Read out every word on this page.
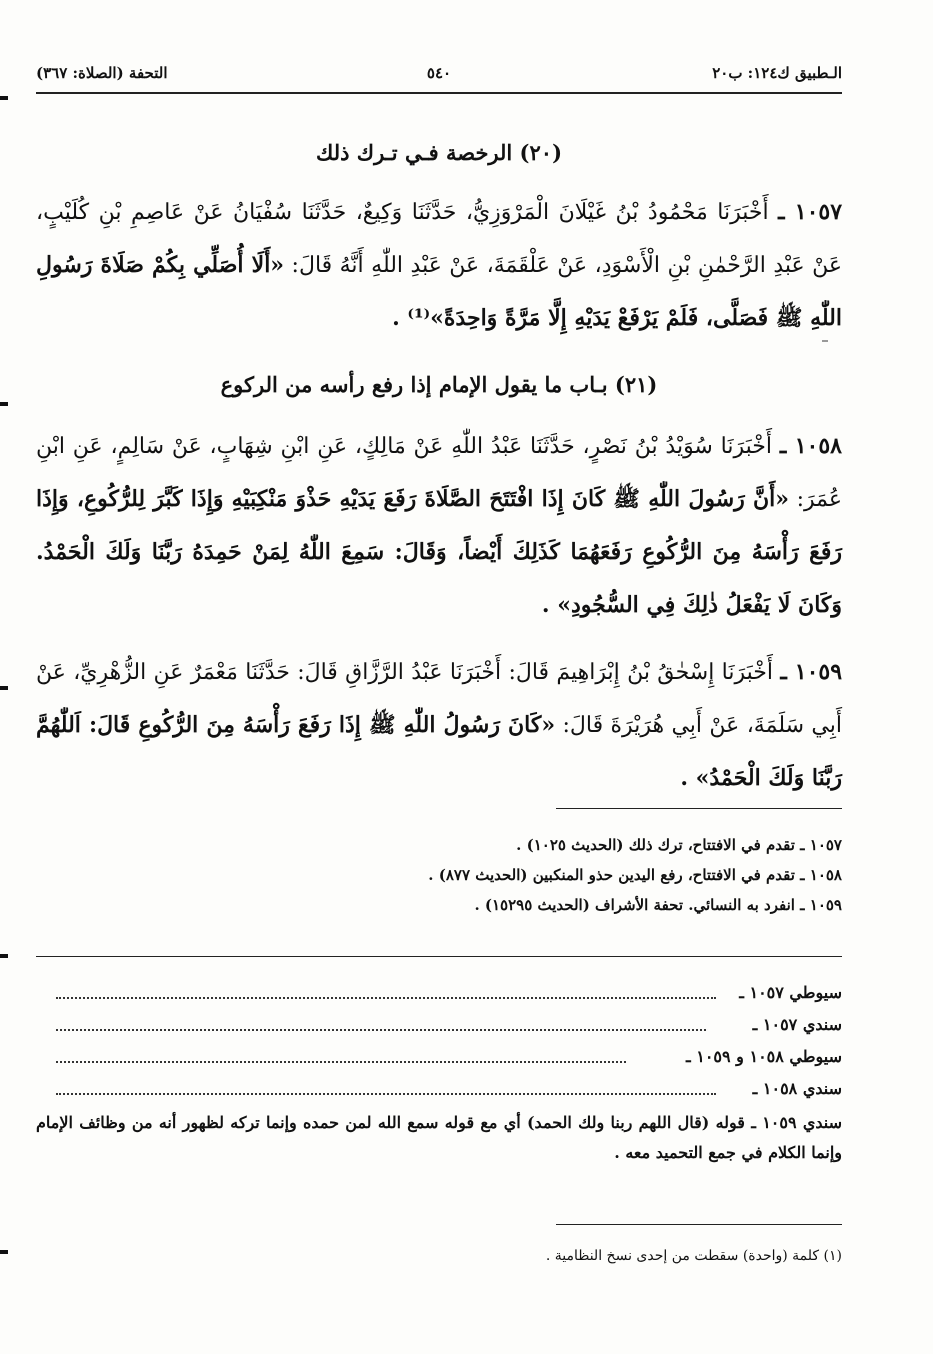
الـطبيق ك١٢٤: ب٢٠
٥٤٠
التحفة (الصلاة: ٣٦٧)
(٢٠) الرخصة فـي تـرك ذلك
١٠٥٧ ـ أَخْبَرَنَا مَحْمُودُ بْنُ غَيْلَانَ الْمَرْوَزِيُّ، حَدَّثَنَا وَكِيعٌ، حَدَّثَنَا سُفْيَانُ عَنْ عَاصِمِ بْنِ كُلَيْبٍ، عَنْ عَبْدِ الرَّحْمٰنِ بْنِ الْأَسْوَدِ، عَنْ عَلْقَمَةَ، عَنْ عَبْدِ اللّٰهِ أَنَّهُ قَالَ: «أَلَا أُصَلِّي بِكُمْ صَلَاةَ رَسُولِ اللّٰهِ ﷺ فَصَلَّى، فَلَمْ يَرْفَعْ يَدَيْهِ إِلَّا مَرَّةً وَاحِدَةً»⁽¹⁾ .
(٢١) بـاب ما يقول الإمام إذا رفع رأسه من الركوع
١٠٥٨ ـ أَخْبَرَنَا سُوَيْدُ بْنُ نَصْرٍ، حَدَّثَنَا عَبْدُ اللّٰهِ عَنْ مَالِكٍ، عَنِ ابْنِ شِهَابٍ، عَنْ سَالِمٍ، عَنِ ابْنِ عُمَرَ: «أَنَّ رَسُولَ اللّٰهِ ﷺ كَانَ إِذَا افْتَتَحَ الصَّلَاةَ رَفَعَ يَدَيْهِ حَذْوَ مَنْكِبَيْهِ وَإِذَا كَبَّرَ لِلرُّكُوعِ، وَإِذَا رَفَعَ رَأْسَهُ مِنَ الرُّكُوعِ رَفَعَهُمَا كَذَلِكَ أَيْضاً، وَقَالَ: سَمِعَ اللّٰهُ لِمَنْ حَمِدَهُ رَبَّنَا وَلَكَ الْحَمْدُ. وَكَانَ لَا يَفْعَلُ ذٰلِكَ فِي السُّجُودِ» .
١٠٥٩ ـ أَخْبَرَنَا إِسْحٰقُ بْنُ إِبْرَاهِيمَ قَالَ: أَخْبَرَنَا عَبْدُ الرَّزَّاقِ قَالَ: حَدَّثَنَا مَعْمَرٌ عَنِ الزُّهْرِيِّ، عَنْ أَبِي سَلَمَةَ، عَنْ أَبِي هُرَيْرَةَ قَالَ: «كَانَ رَسُولُ اللّٰهِ ﷺ إِذَا رَفَعَ رَأْسَهُ مِنَ الرُّكُوعِ قَالَ: اَللّٰهُمَّ رَبَّنَا وَلَكَ الْحَمْدُ» .
١٠٥٧ ـ تقدم في الافتتاح، ترك ذلك (الحديث ١٠٢٥) .
١٠٥٨ ـ تقدم في الافتتاح، رفع اليدين حذو المنكبين (الحديث ٨٧٧) .
١٠٥٩ ـ انفرد به النسائي. تحفة الأشراف (الحديث ١٥٢٩٥) .
سيوطي ١٠٥٧ ـ
سندي ١٠٥٧ ـ
سيوطي ١٠٥٨ و ١٠٥٩ ـ
سندي ١٠٥٨ ـ
سندي ١٠٥٩ ـ قوله (قال اللهم ربنا ولك الحمد) أي مع قوله سمع الله لمن حمده وإنما تركه لظهور أنه من وظائف الإمام وإنما الكلام في جمع التحميد معه .
(١) كلمة (واحدة) سقطت من إحدى نسخ النظامية .
